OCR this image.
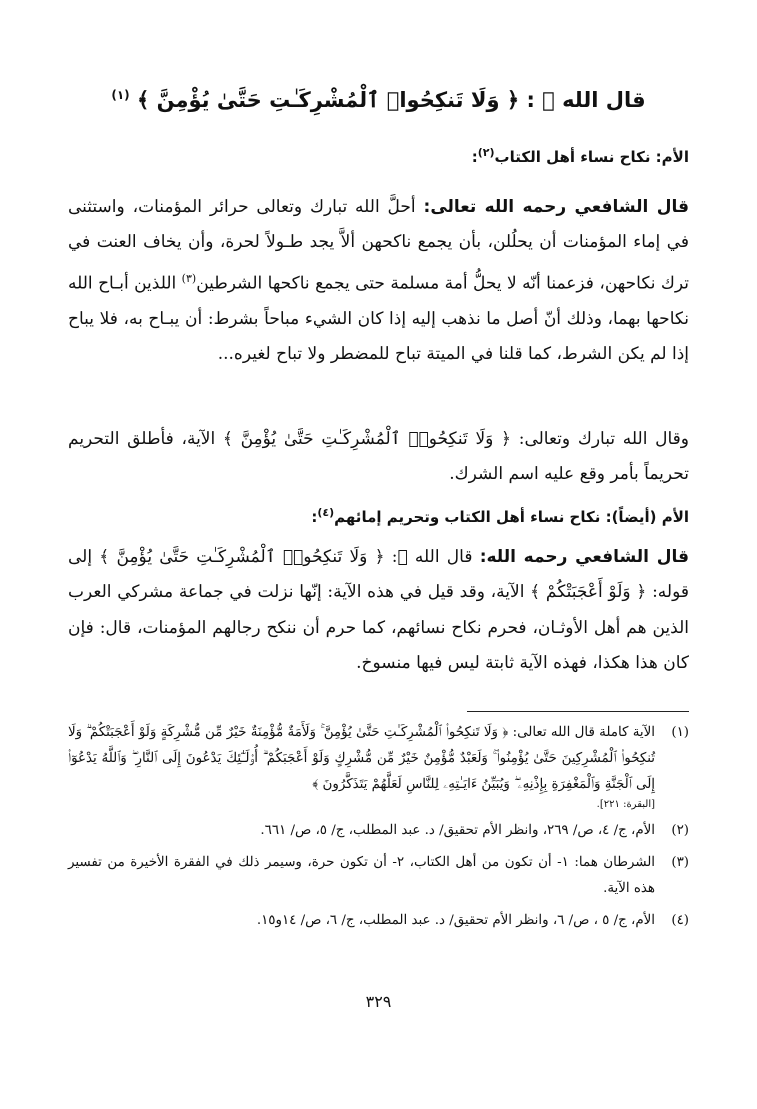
قال الله ﷻ : ﴿ وَلَا تَنكِحُوا۟ ٱلْمُشْرِكَـٰتِ حَتَّىٰ يُؤْمِنَّ ﴾ $^{(١)}$
الأم: نكاح نساء أهل الكتاب$^{(٢)}$:
قال الشافعي رحمه الله تعالى: أحلَّ الله تبارك وتعالى حرائر المؤمنات، واستثنى في إماء المؤمنات أن يحلُلن، بأن يجمع ناكحهن ألاَّ يجد طـولاً لحرة، وأن يخاف العنت في ترك نكاحهن، فزعمنا أنّه لا يحلُّ أمة مسلمة حتى يجمع ناكحها الشرطين$^{(٣)}$ اللذين أبـاح الله نكاحها بهما، وذلك أنّ أصل ما نذهب إليه إذا كان الشيء مباحاً بشرط: أن يبـاح به، فلا يباح إذا لم يكن الشرط، كما قلنا في الميتة تباح للمضطر ولا تباح لغيره...
وقال الله تبارك وتعالى: ﴿ وَلَا تَنكِحُوا۟ ٱلْمُشْرِكَـٰتِ حَتَّىٰ يُؤْمِنَّ ﴾ الآية، فأطلق التحريم تحريماً بأمر وقع عليه اسم الشرك.
الأم (أيضاً): نكاح نساء أهل الكتاب وتحريم إمائهم$^{(٤)}$:
قال الشافعي رحمه الله: قال الله ﷻ: ﴿ وَلَا تَنكِحُوا۟ ٱلْمُشْرِكَـٰتِ حَتَّىٰ يُؤْمِنَّ ﴾ إلى قوله: ﴿ وَلَوْ أَعْجَبَتْكُمْ ﴾ الآية، وقد قيل في هذه الآية: إنّها نزلت في جماعة مشركي العرب الذين هم أهل الأوثـان، فحرم نكاح نسائهم، كما حرم أن ننكح رجالهم المؤمنات، قال: فإن كان هذا هكذا، فهذه الآية ثابتة ليس فيها منسوخ.
(١)
الآية كاملة قال الله تعالى: ﴿ وَلَا تَنكِحُوا۟ ٱلْمُشْرِكَـٰتِ حَتَّىٰ يُؤْمِنَّ ۚ وَلَأَمَةٌ مُّؤْمِنَةٌ خَيْرٌ مِّن مُّشْرِكَةٍ وَلَوْ أَعْجَبَتْكُمْ ۗ وَلَا تُنكِحُوا۟ ٱلْمُشْرِكِينَ حَتَّىٰ يُؤْمِنُوا۟ ۚ وَلَعَبْدٌ مُّؤْمِنٌ خَيْرٌ مِّن مُّشْرِكٍ وَلَوْ أَعْجَبَكُمْ ۗ أُو۟لَـٰٓئِكَ يَدْعُونَ إِلَى ٱلنَّارِ ۖ وَٱللَّهُ يَدْعُوٓا۟ إِلَى ٱلْجَنَّةِ وَٱلْمَغْفِرَةِ بِإِذْنِهِۦ ۖ وَيُبَيِّنُ ءَايَـٰتِهِۦ لِلنَّاسِ لَعَلَّهُمْ يَتَذَكَّرُونَ ﴾
[البقرة: ٢٢١].
(٢)
الأم، ج/ ٤، ص/ ٢٦٩، وانظر الأم تحقيق/ د. عبد المطلب، ج/ ٥، ص/ ٦٦١.
(٣)
الشرطان هما: ١- أن تكون من أهل الكتاب، ٢- أن تكون حرة، وسيمر ذلك في الفقرة الأخيرة من تفسير هذه الآية.
(٤)
الأم، ج/ ٥ ، ص/ ٦، وانظر الأم تحقيق/ د. عبد المطلب، ج/ ٦، ص/ ١٤و١٥.
٣٢٩
